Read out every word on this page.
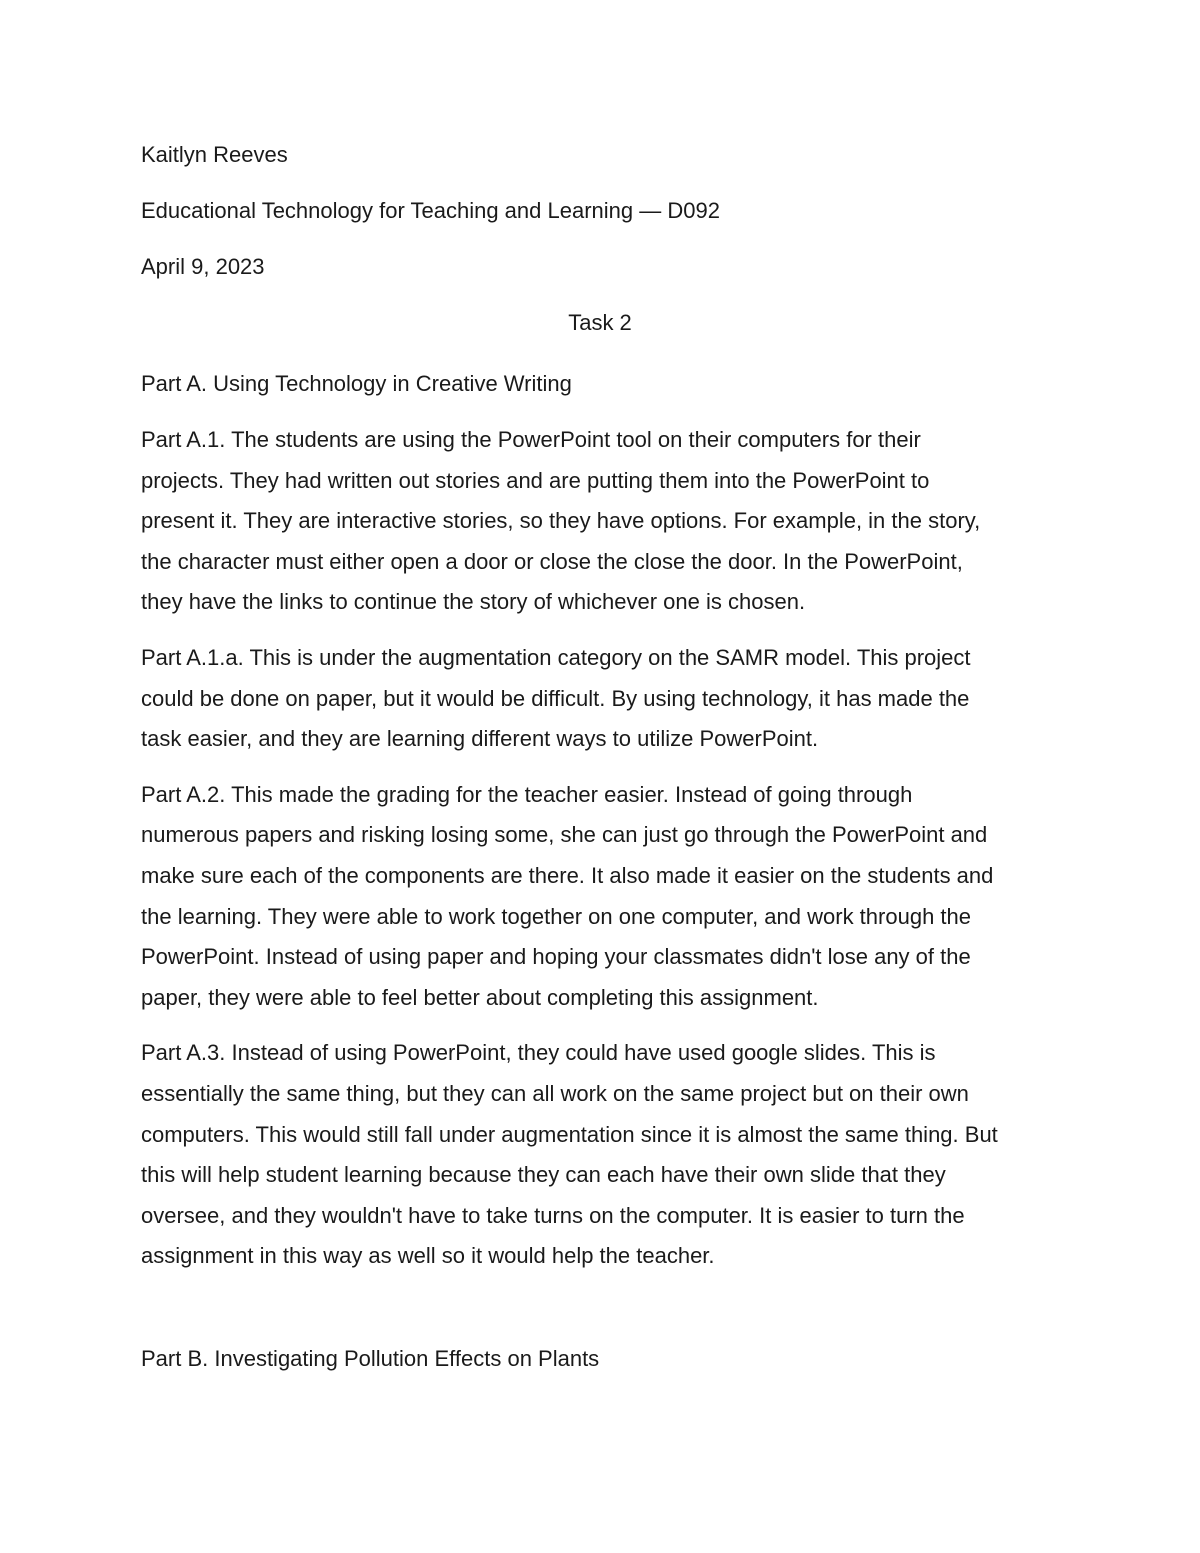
Kaitlyn Reeves

Educational Technology for Teaching and Learning — D092

April 9, 2023

Task 2

Part A. Using Technology in Creative Writing

Part A.1. The students are using the PowerPoint tool on their computers for their

projects. They had written out stories and are putting them into the PowerPoint to

present it. They are interactive stories, so they have options. For example, in the story,

the character must either open a door or close the close the door. In the PowerPoint,

they have the links to continue the story of whichever one is chosen.

Part A.1.a. This is under the augmentation category on the SAMR model. This project

could be done on paper, but it would be difficult. By using technology, it has made the

task easier, and they are learning different ways to utilize PowerPoint.

Part A.2. This made the grading for the teacher easier. Instead of going through

numerous papers and risking losing some, she can just go through the PowerPoint and

make sure each of the components are there. It also made it easier on the students and

the learning. They were able to work together on one computer, and work through the

PowerPoint. Instead of using paper and hoping your classmates didn't lose any of the

paper, they were able to feel better about completing this assignment.

Part A.3. Instead of using PowerPoint, they could have used google slides. This is

essentially the same thing, but they can all work on the same project but on their own

computers. This would still fall under augmentation since it is almost the same thing. But

this will help student learning because they can each have their own slide that they

oversee, and they wouldn't have to take turns on the computer. It is easier to turn the

assignment in this way as well so it would help the teacher.

Part B. Investigating Pollution Effects on Plants
